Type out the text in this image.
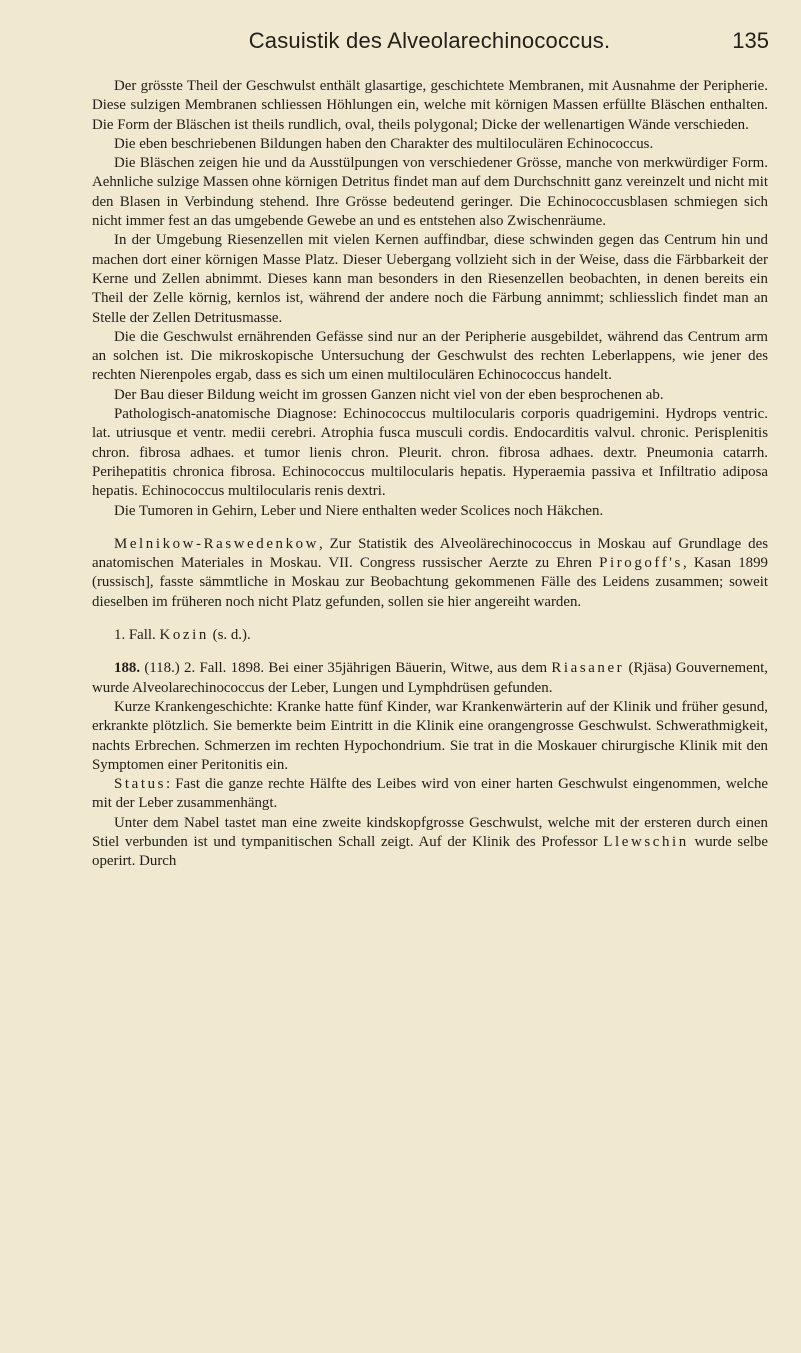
Casuistik des Alveolarechinococcus.	135

Der grösste Theil der Geschwulst enthält glasartige, geschichtete Membranen, mit Ausnahme der Peripherie. Diese sulzigen Membranen schliessen Höhlungen ein, welche mit körnigen Massen erfüllte Bläschen enthalten. Die Form der Bläschen ist theils rundlich, oval, theils polygonal; Dicke der wellenartigen Wände verschieden.

Die eben beschriebenen Bildungen haben den Charakter des multiloculären Echinococcus.

Die Bläschen zeigen hie und da Ausstülpungen von verschiedener Grösse, manche von merkwürdiger Form. Aehnliche sulzige Massen ohne körnigen Detritus findet man auf dem Durchschnitt ganz vereinzelt und nicht mit den Blasen in Verbindung stehend. Ihre Grösse bedeutend geringer. Die Echinococcusblasen schmiegen sich nicht immer fest an das umgebende Gewebe an und es entstehen also Zwischenräume.

In der Umgebung Riesenzellen mit vielen Kernen auffindbar, diese schwinden gegen das Centrum hin und machen dort einer körnigen Masse Platz. Dieser Uebergang vollzieht sich in der Weise, dass die Färbbarkeit der Kerne und Zellen abnimmt. Dieses kann man besonders in den Riesenzellen beobachten, in denen bereits ein Theil der Zelle körnig, kernlos ist, während der andere noch die Färbung annimmt; schliesslich findet man an Stelle der Zellen Detritusmasse.

Die die Geschwulst ernährenden Gefässe sind nur an der Peripherie ausgebildet, während das Centrum arm an solchen ist. Die mikroskopische Untersuchung der Geschwulst des rechten Leberlappens, wie jener des rechten Nierenpoles ergab, dass es sich um einen multiloculären Echinococcus handelt.

Der Bau dieser Bildung weicht im grossen Ganzen nicht viel von der eben besprochenen ab.

Pathologisch-anatomische Diagnose: Echinococcus multilocularis corporis quadrigemini. Hydrops ventric. lat. utriusque et ventr. medii cerebri. Atrophia fusca musculi cordis. Endocarditis valvul. chronic. Perisplenitis chron. fibrosa adhaes. et tumor lienis chron. Pleurit. chron. fibrosa adhaes. dextr. Pneumonia catarrh. Perihepatitis chronica fibrosa. Echinococcus multilocularis hepatis. Hyperaemia passiva et Infiltratio adiposa hepatis. Echinococcus multilocularis renis dextri.

Die Tumoren in Gehirn, Leber und Niere enthalten weder Scolices noch Häkchen.

Melnikow-Raswedenkow, Zur Statistik des Alveolärechinococcus in Moskau auf Grundlage des anatomischen Materiales in Moskau. VII. Congress russischer Aerzte zu Ehren Pirogoff's, Kasan 1899 (russisch], fasste sämmtliche in Moskau zur Beobachtung gekommenen Fälle des Leidens zusammen; soweit dieselben im früheren noch nicht Platz gefunden, sollen sie hier angereiht warden.

1. Fall. Kozin (s. d.).

188. (118.) 2. Fall. 1898. Bei einer 35jährigen Bäuerin, Witwe, aus dem Riasaner (Rjäsa) Gouvernement, wurde Alveolarechinococcus der Leber, Lungen und Lymphdrüsen gefunden.

Kurze Krankengeschichte: Kranke hatte fünf Kinder, war Krankenwärterin auf der Klinik und früher gesund, erkrankte plötzlich. Sie bemerkte beim Eintritt in die Klinik eine orangengrosse Geschwulst. Schwerathmigkeit, nachts Erbrechen. Schmerzen im rechten Hypochondrium. Sie trat in die Moskauer chirurgische Klinik mit den Symptomen einer Peritonitis ein.

Status: Fast die ganze rechte Hälfte des Leibes wird von einer harten Geschwulst eingenommen, welche mit der Leber zusammenhängt.

Unter dem Nabel tastet man eine zweite kindskopfgrosse Geschwulst, welche mit der ersteren durch einen Stiel verbunden ist und tympanitischen Schall zeigt. Auf der Klinik des Professor Llewschin wurde selbe operirt. Durch
